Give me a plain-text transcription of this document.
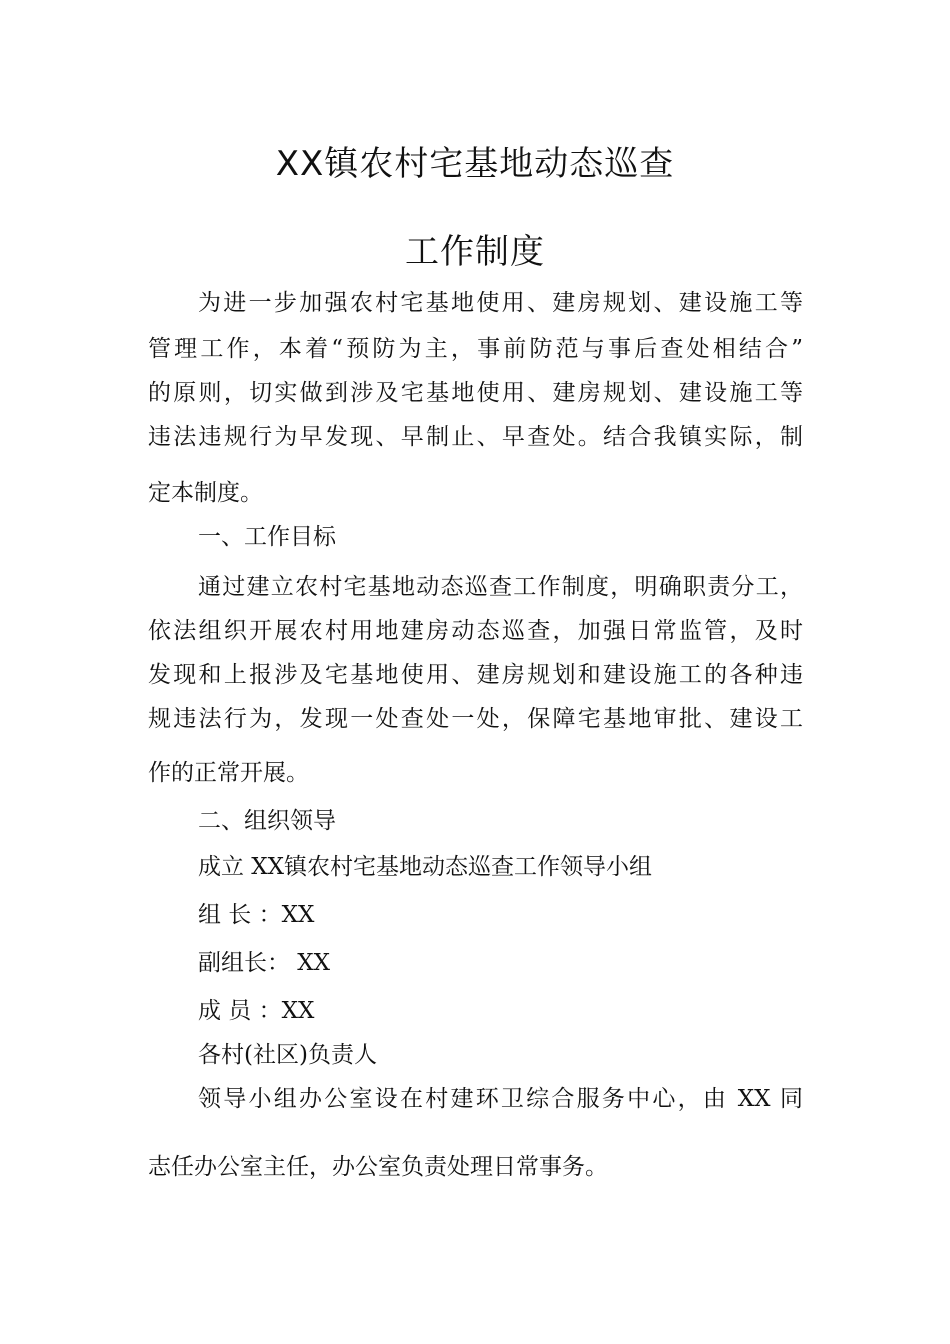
XX镇农村宅基地动态巡查
工作制度
为进一步加强农村宅基地使用、建房规划、建设施工等
管理工作，本着“预防为主，事前防范与事后查处相结合”
的原则，切实做到涉及宅基地使用、建房规划、建设施工等
违法违规行为早发现、早制止、早查处。结合我镇实际，制
定本制度。
一、工作目标
通过建立农村宅基地动态巡查工作制度，明确职责分工，
依法组织开展农村用地建房动态巡查，加强日常监管，及时
发现和上报涉及宅基地使用、建房规划和建设施工的各种违
规违法行为，发现一处查处一处，保障宅基地审批、建设工
作的正常开展。
二、组织领导
成立 XX镇农村宅基地动态巡查工作领导小组
组 长 ：XX
副组长： XX
成 员 ：XX
各村(社区)负责人
领导小组办公室设在村建环卫综合服务中心，由 XX 同
志任办公室主任，办公室负责处理日常事务。
